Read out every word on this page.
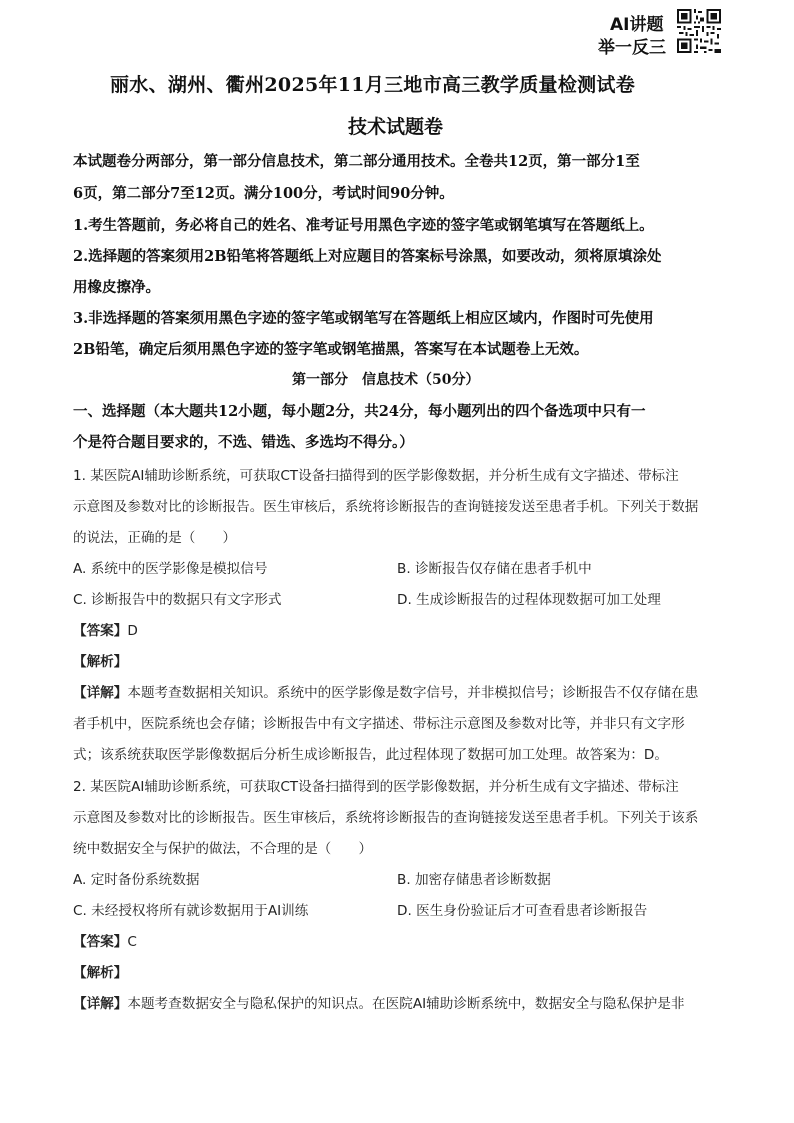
AI讲题
举一反三
丽水、湖州、衢州2025年11月三地市高三教学质量检测试卷
技术试题卷
本试题卷分两部分，第一部分信息技术，第二部分通用技术。全卷共12页，第一部分1至
6页，第二部分7至12页。满分100分，考试时间90分钟。
1.考生答题前，务必将自己的姓名、准考证号用黑色字迹的签字笔或钢笔填写在答题纸上。
2.选择题的答案须用2B铅笔将答题纸上对应题目的答案标号涂黑，如要改动，须将原填涂处
用橡皮擦净。
3.非选择题的答案须用黑色字迹的签字笔或钢笔写在答题纸上相应区域内，作图时可先使用
2B铅笔，确定后须用黑色字迹的签字笔或钢笔描黑，答案写在本试题卷上无效。
第一部分　信息技术（50分）
一、选择题（本大题共12小题，每小题2分，共24分，每小题列出的四个备选项中只有一
个是符合题目要求的，不选、错选、多选均不得分。）
1. 某医院AI辅助诊断系统，可获取CT设备扫描得到的医学影像数据，并分析生成有文字描述、带标注
示意图及参数对比的诊断报告。医生审核后，系统将诊断报告的查询链接发送至患者手机。下列关于数据
的说法，正确的是（　　）
A. 系统中的医学影像是模拟信号	B. 诊断报告仅存储在患者手机中
C. 诊断报告中的数据只有文字形式	D. 生成诊断报告的过程体现数据可加工处理
【答案】D
【解析】
【详解】本题考查数据相关知识。系统中的医学影像是数字信号，并非模拟信号；诊断报告不仅存储在患
者手机中，医院系统也会存储；诊断报告中有文字描述、带标注示意图及参数对比等，并非只有文字形
式；该系统获取医学影像数据后分析生成诊断报告，此过程体现了数据可加工处理。故答案为：D。
2. 某医院AI辅助诊断系统，可获取CT设备扫描得到的医学影像数据，并分析生成有文字描述、带标注
示意图及参数对比的诊断报告。医生审核后，系统将诊断报告的查询链接发送至患者手机。下列关于该系
统中数据安全与保护的做法，不合理的是（　　）
A. 定时备份系统数据	B. 加密存储患者诊断数据
C. 未经授权将所有就诊数据用于AI训练	D. 医生身份验证后才可查看患者诊断报告
【答案】C
【解析】
【详解】本题考查数据安全与隐私保护的知识点。在医院AI辅助诊断系统中，数据安全与隐私保护是非
